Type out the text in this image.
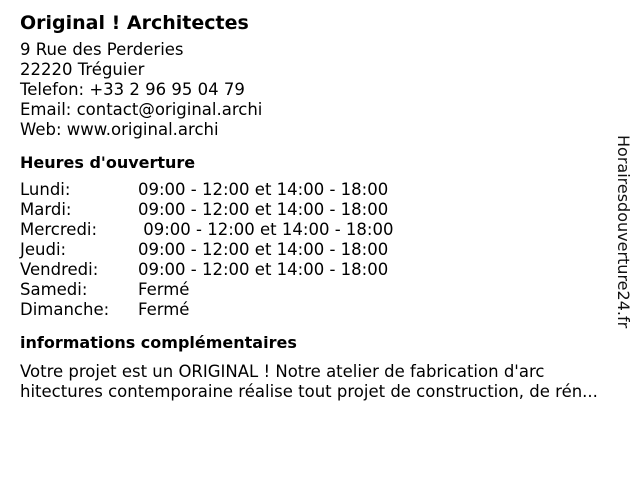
Original ! Architectes
9 Rue des Perderies
22220 Tréguier
Telefon: +33 2 96 95 04 79
Email: contact@original.archi
Web: www.original.archi
Heures d'ouverture
Lundi:	09:00 - 12:00 et 14:00 - 18:00
Mardi:	09:00 - 12:00 et 14:00 - 18:00
Mercredi:	09:00 - 12:00 et 14:00 - 18:00
Jeudi:	09:00 - 12:00 et 14:00 - 18:00
Vendredi:	09:00 - 12:00 et 14:00 - 18:00
Samedi:	Fermé
Dimanche:	Fermé
informations complémentaires
Votre projet est un ORIGINAL ! Notre atelier de fabrication d'arc
hitectures contemporaine réalise tout projet de construction, de rén...
Horairesdouverture24.fr
